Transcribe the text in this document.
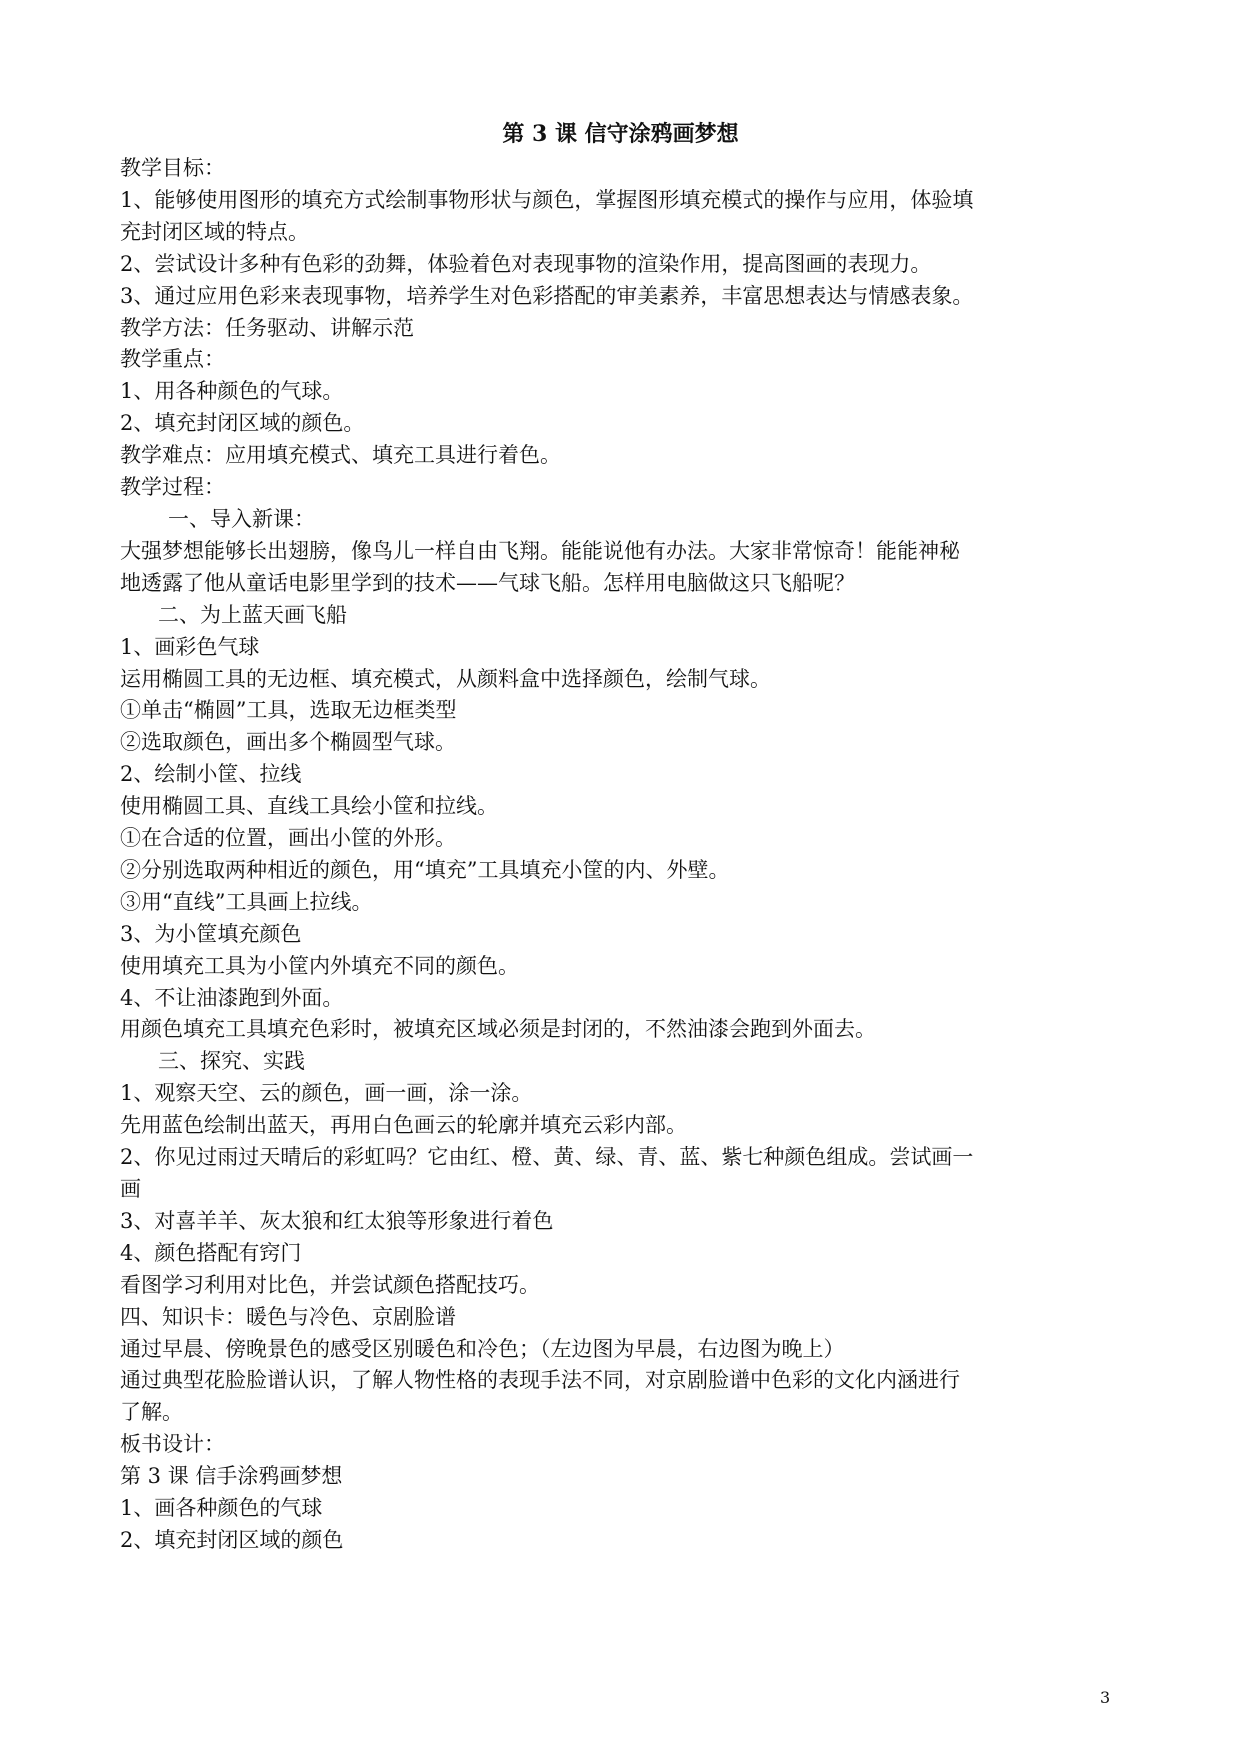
第 3 课 信守涂鸦画梦想
教学目标：
1、能够使用图形的填充方式绘制事物形状与颜色，掌握图形填充模式的操作与应用，体验填
充封闭区域的特点。
2、尝试设计多种有色彩的劲舞，体验着色对表现事物的渲染作用，提高图画的表现力。
3、通过应用色彩来表现事物，培养学生对色彩搭配的审美素养，丰富思想表达与情感表象。
教学方法：任务驱动、讲解示范
教学重点：
1、用各种颜色的气球。
2、填充封闭区域的颜色。
教学难点：应用填充模式、填充工具进行着色。
教学过程：
一、导入新课：
大强梦想能够长出翅膀，像鸟儿一样自由飞翔。能能说他有办法。大家非常惊奇！能能神秘
地透露了他从童话电影里学到的技术——气球飞船。怎样用电脑做这只飞船呢？
二、为上蓝天画飞船
1、画彩色气球
运用椭圆工具的无边框、填充模式，从颜料盒中选择颜色，绘制气球。
①单击“椭圆”工具，选取无边框类型
②选取颜色，画出多个椭圆型气球。
2、绘制小筐、拉线
使用椭圆工具、直线工具绘小筐和拉线。
①在合适的位置，画出小筐的外形。
②分别选取两种相近的颜色，用“填充”工具填充小筐的内、外壁。
③用“直线”工具画上拉线。
3、为小筐填充颜色
使用填充工具为小筐内外填充不同的颜色。
4、不让油漆跑到外面。
用颜色填充工具填充色彩时，被填充区域必须是封闭的，不然油漆会跑到外面去。
三、探究、实践
1、观察天空、云的颜色，画一画，涂一涂。
先用蓝色绘制出蓝天，再用白色画云的轮廓并填充云彩内部。
2、你见过雨过天晴后的彩虹吗？它由红、橙、黄、绿、青、蓝、紫七种颜色组成。尝试画一
画
3、对喜羊羊、灰太狼和红太狼等形象进行着色
4、颜色搭配有窍门
看图学习利用对比色，并尝试颜色搭配技巧。
四、知识卡：暖色与冷色、京剧脸谱
通过早晨、傍晚景色的感受区别暖色和冷色；（左边图为早晨，右边图为晚上）
通过典型花脸脸谱认识，了解人物性格的表现手法不同，对京剧脸谱中色彩的文化内涵进行
了解。
板书设计：
第 3 课 信手涂鸦画梦想
1、画各种颜色的气球
2、填充封闭区域的颜色
3
